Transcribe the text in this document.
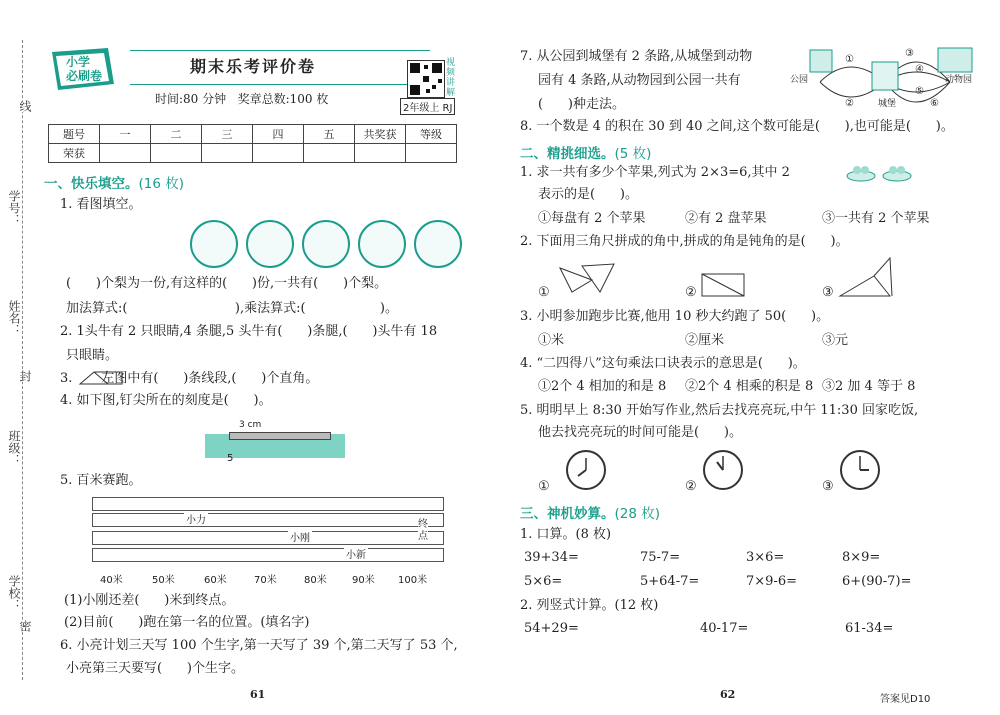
学号：
姓名：
班级：
学校：
线
封
密
小学
必刷卷	期末乐考评价卷
时间:80 分钟   奖章总数:100 枚
视频讲解
2年级上 RJ
题号	一	二	三	四	五	共奖获	等级
荣获							
一、快乐填空。(16 枚)
1. 看图填空。
(      )个梨为一份,有这样的(      )份,一共有(      )个梨。
加法算式:(                          ),乘法算式:(                  )。
2. 1头牛有 2 只眼睛,4 条腿,5 头牛有(      )条腿,(      )头牛有 18
只眼睛。
3.       左图中有(      )条线段,(      )个直角。
4. 如下图,钉尖所在的刻度是(      )。
3 cm
5
5. 百米赛跑。
小力
小刚
小新
终点
40米	50米	60米	70米	80米	90米 100米
(1)小刚还差(      )米到终点。
(2)目前(      )跑在第一名的位置。(填名字)
6. 小亮计划三天写 100 个生字,第一天写了 39 个,第二天写了 53 个,
小亮第三天要写(      )个生字。
61
7. 从公园到城堡有 2 条路,从城堡到动物
园有 4 条路,从动物园到公园一共有
(      )种走法。
公园
城堡
动物园
①
②
③
④
⑤
⑥
8. 一个数是 4 的积在 30 到 40 之间,这个数可能是(      ),也可能是(      )。
二、精挑细选。(5 枚)
1. 求一共有多少个苹果,列式为 2×3=6,其中 2
表示的是(      )。
①每盘有 2 个苹果	②有 2 盘苹果	③一共有 2 个苹果
2. 下面用三角尺拼成的角中,拼成的角是钝角的是(      )。
①	②	③
3. 小明参加跑步比赛,他用 10 秒大约跑了 50(      )。
①米	②厘米	③元
4. “二四得八”这句乘法口诀表示的意思是(      )。
①2个 4 相加的和是 8 ②2个 4 相乘的积是 8 ③2 加 4 等于 8
5. 明明早上 8:30 开始写作业,然后去找亮亮玩,中午 11:30 回家吃饭,
他去找亮亮玩的时间可能是(      )。
①	②	③
三、神机妙算。(28 枚)
1. 口算。(8 枚)
39+34=	75-7=	3×6=	8×9=
5×6=	5+64-7=	7×9-6=	6+(90-7)=
2. 列竖式计算。(12 枚)
54+29=	40-17=	61-34=
62	答案见D10
